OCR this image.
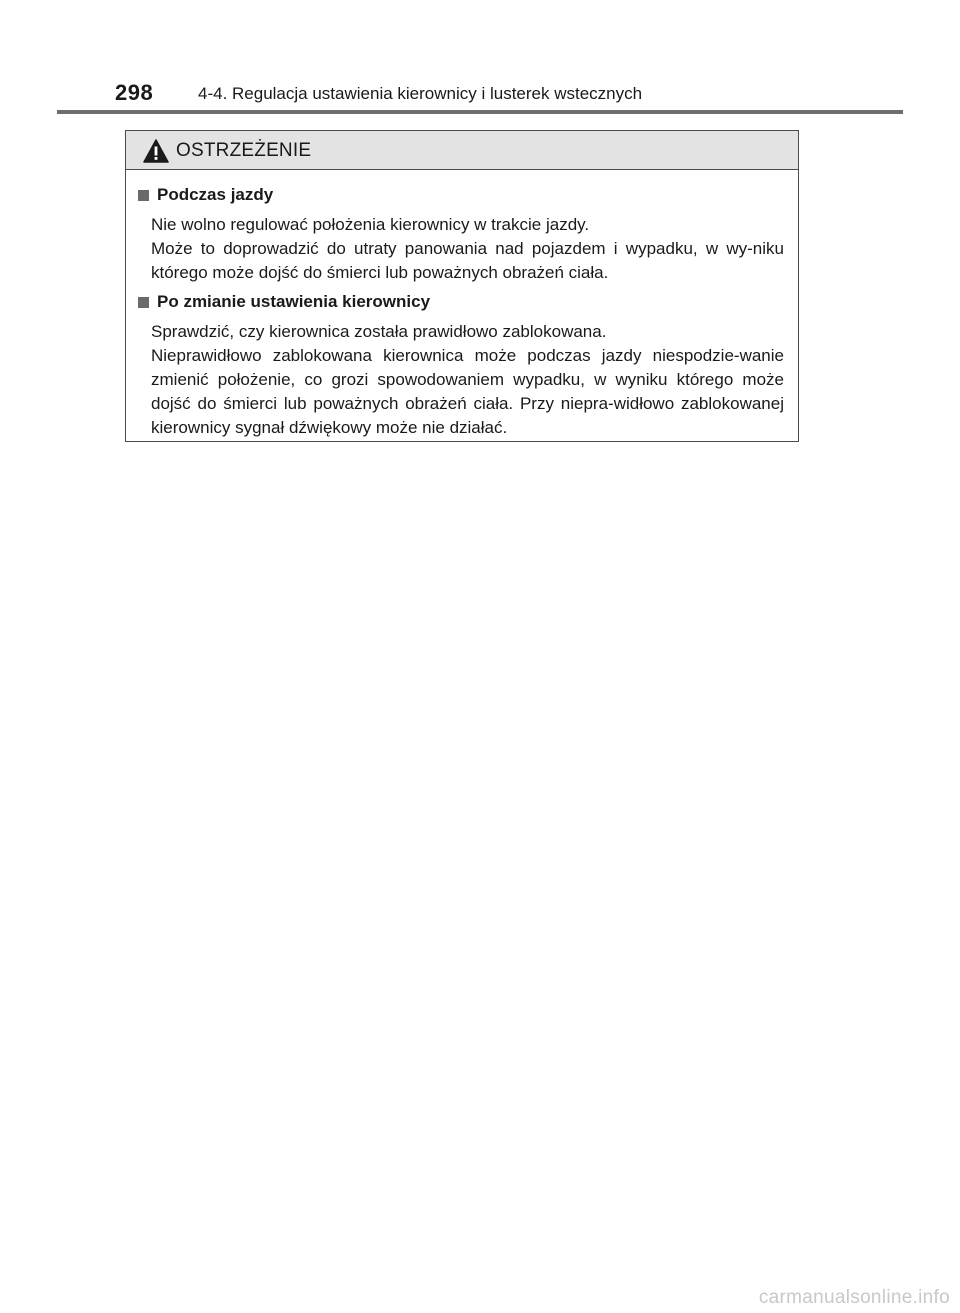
298	4-4. Regulacja ustawienia kierownicy i lusterek wstecznych
OSTRZEŻENIE
Podczas jazdy

Nie wolno regulować położenia kierownicy w trakcie jazdy.

Może to doprowadzić do utraty panowania nad pojazdem i wypadku, w wy-niku którego może dojść do śmierci lub poważnych obrażeń ciała.

Po zmianie ustawienia kierownicy

Sprawdzić, czy kierownica została prawidłowo zablokowana.

Nieprawidłowo zablokowana kierownica może podczas jazdy niespodzie-wanie zmienić położenie, co grozi spowodowaniem wypadku, w wyniku którego może dojść do śmierci lub poważnych obrażeń ciała. Przy niepra-widłowo zablokowanej kierownicy sygnał dźwiękowy może nie działać.

carmanualsonline.info
